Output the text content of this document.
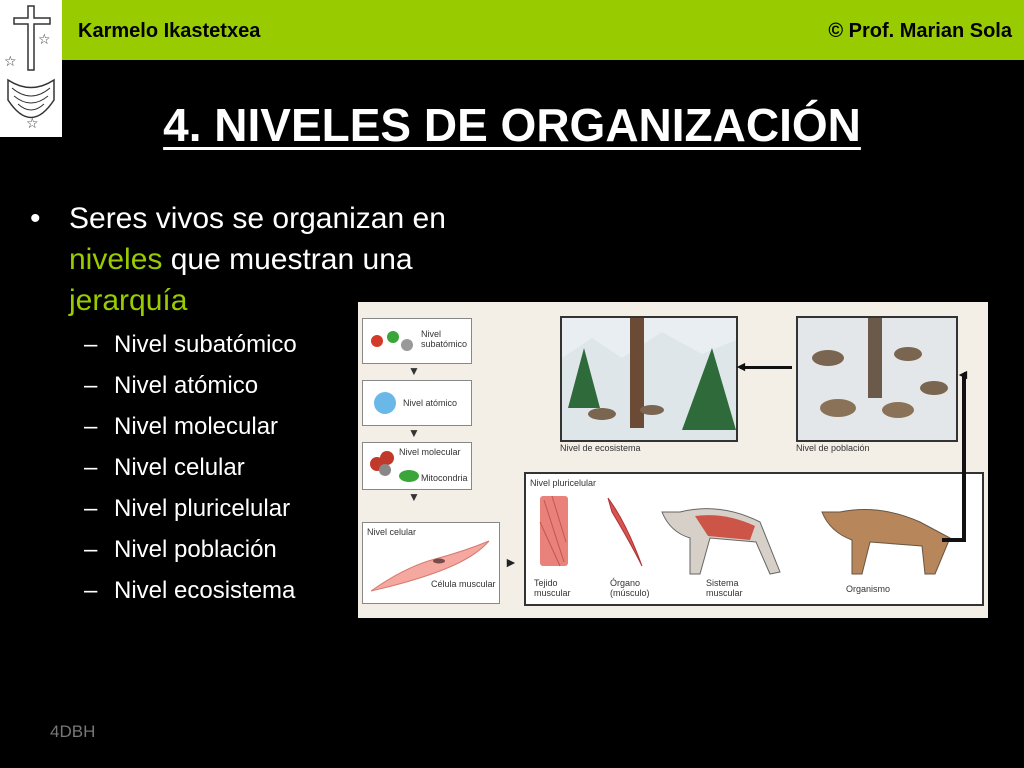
☆
☆
☆
Karmelo Ikastetxea	© Prof. Marian Sola
4. NIVELES DE ORGANIZACIÓN
• Seres vivos se organizan en niveles que muestran una jerarquía
– Nivel subatómico
– Nivel atómico
– Nivel molecular
– Nivel celular
– Nivel pluricelular
– Nivel población
– Nivel ecosistema
Nivel subatómico
▼
Nivel atómico
▼
Nivel molecular
Mitocondria
▼
Nivel celular
Célula muscular
►
Nivel pluricelular
Tejido muscular
Órgano (músculo)
Sistema muscular	Organismo
Nivel de ecosistema
◄
Nivel de población
◄
4DBH
